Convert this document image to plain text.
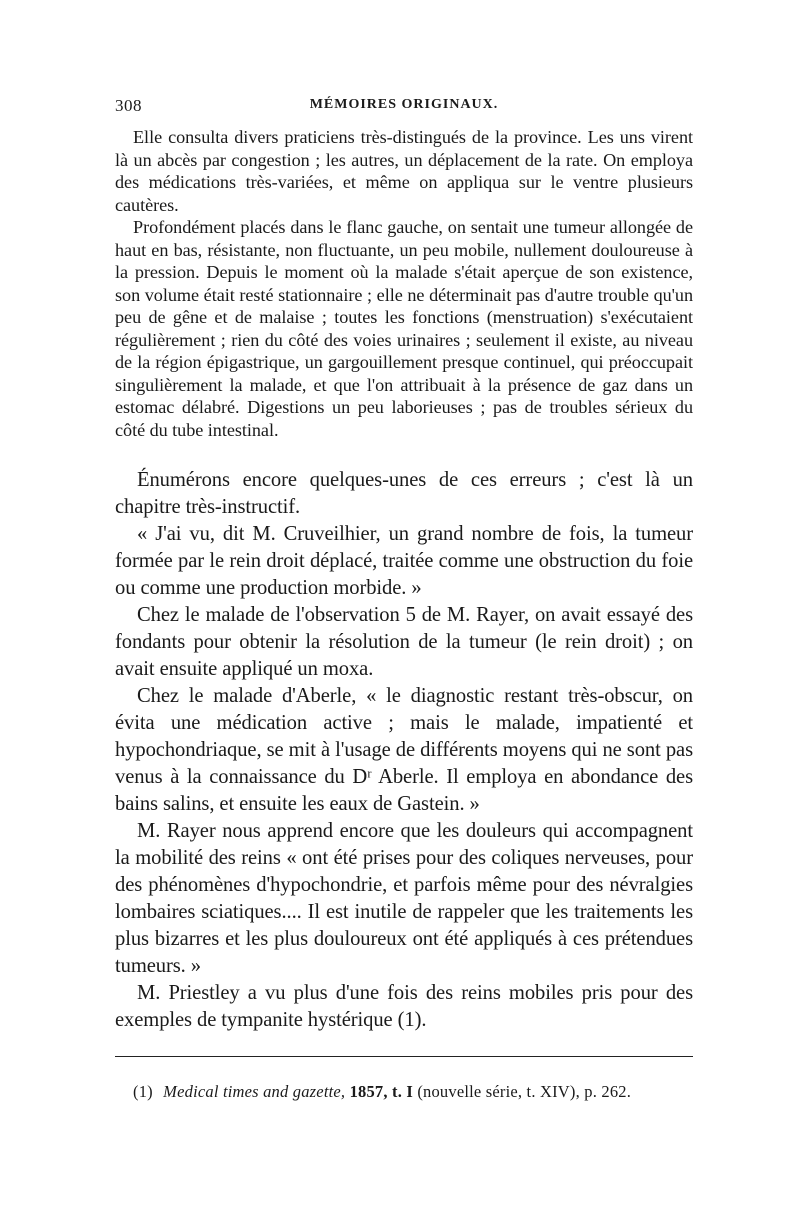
308	MÉMOIRES ORIGINAUX.

Elle consulta divers praticiens très-distingués de la province. Les uns virent là un abcès par congestion ; les autres, un déplacement de la rate. On employa des médications très-variées, et même on appliqua sur le ventre plusieurs cautères.

Profondément placés dans le flanc gauche, on sentait une tumeur allongée de haut en bas, résistante, non fluctuante, un peu mobile, nullement douloureuse à la pression. Depuis le moment où la malade s'était aperçue de son existence, son volume était resté stationnaire ; elle ne déterminait pas d'autre trouble qu'un peu de gêne et de malaise ; toutes les fonctions (menstruation) s'exécutaient régulièrement ; rien du côté des voies urinaires ; seulement il existe, au niveau de la région épigastrique, un gargouillement presque continuel, qui préoccupait singulièrement la malade, et que l'on attribuait à la présence de gaz dans un estomac délabré. Digestions un peu laborieuses ; pas de troubles sérieux du côté du tube intestinal.

Énumérons encore quelques-unes de ces erreurs ; c'est là un chapitre très-instructif.

« J'ai vu, dit M. Cruveilhier, un grand nombre de fois, la tumeur formée par le rein droit déplacé, traitée comme une obstruction du foie ou comme une production morbide. »

Chez le malade de l'observation 5 de M. Rayer, on avait essayé des fondants pour obtenir la résolution de la tumeur (le rein droit) ; on avait ensuite appliqué un moxa.

Chez le malade d'Aberle, « le diagnostic restant très-obscur, on évita une médication active ; mais le malade, impatienté et hypochondriaque, se mit à l'usage de différents moyens qui ne sont pas venus à la connaissance du Dʳ Aberle. Il employa en abondance des bains salins, et ensuite les eaux de Gastein. »

M. Rayer nous apprend encore que les douleurs qui accompagnent la mobilité des reins « ont été prises pour des coliques nerveuses, pour des phénomènes d'hypochondrie, et parfois même pour des névralgies lombaires sciatiques.... Il est inutile de rappeler que les traitements les plus bizarres et les plus douloureux ont été appliqués à ces prétendues tumeurs. »

M. Priestley a vu plus d'une fois des reins mobiles pris pour des exemples de tympanite hystérique (1).

(1) Medical times and gazette, 1857, t. I (nouvelle série, t. XIV), p. 262.
